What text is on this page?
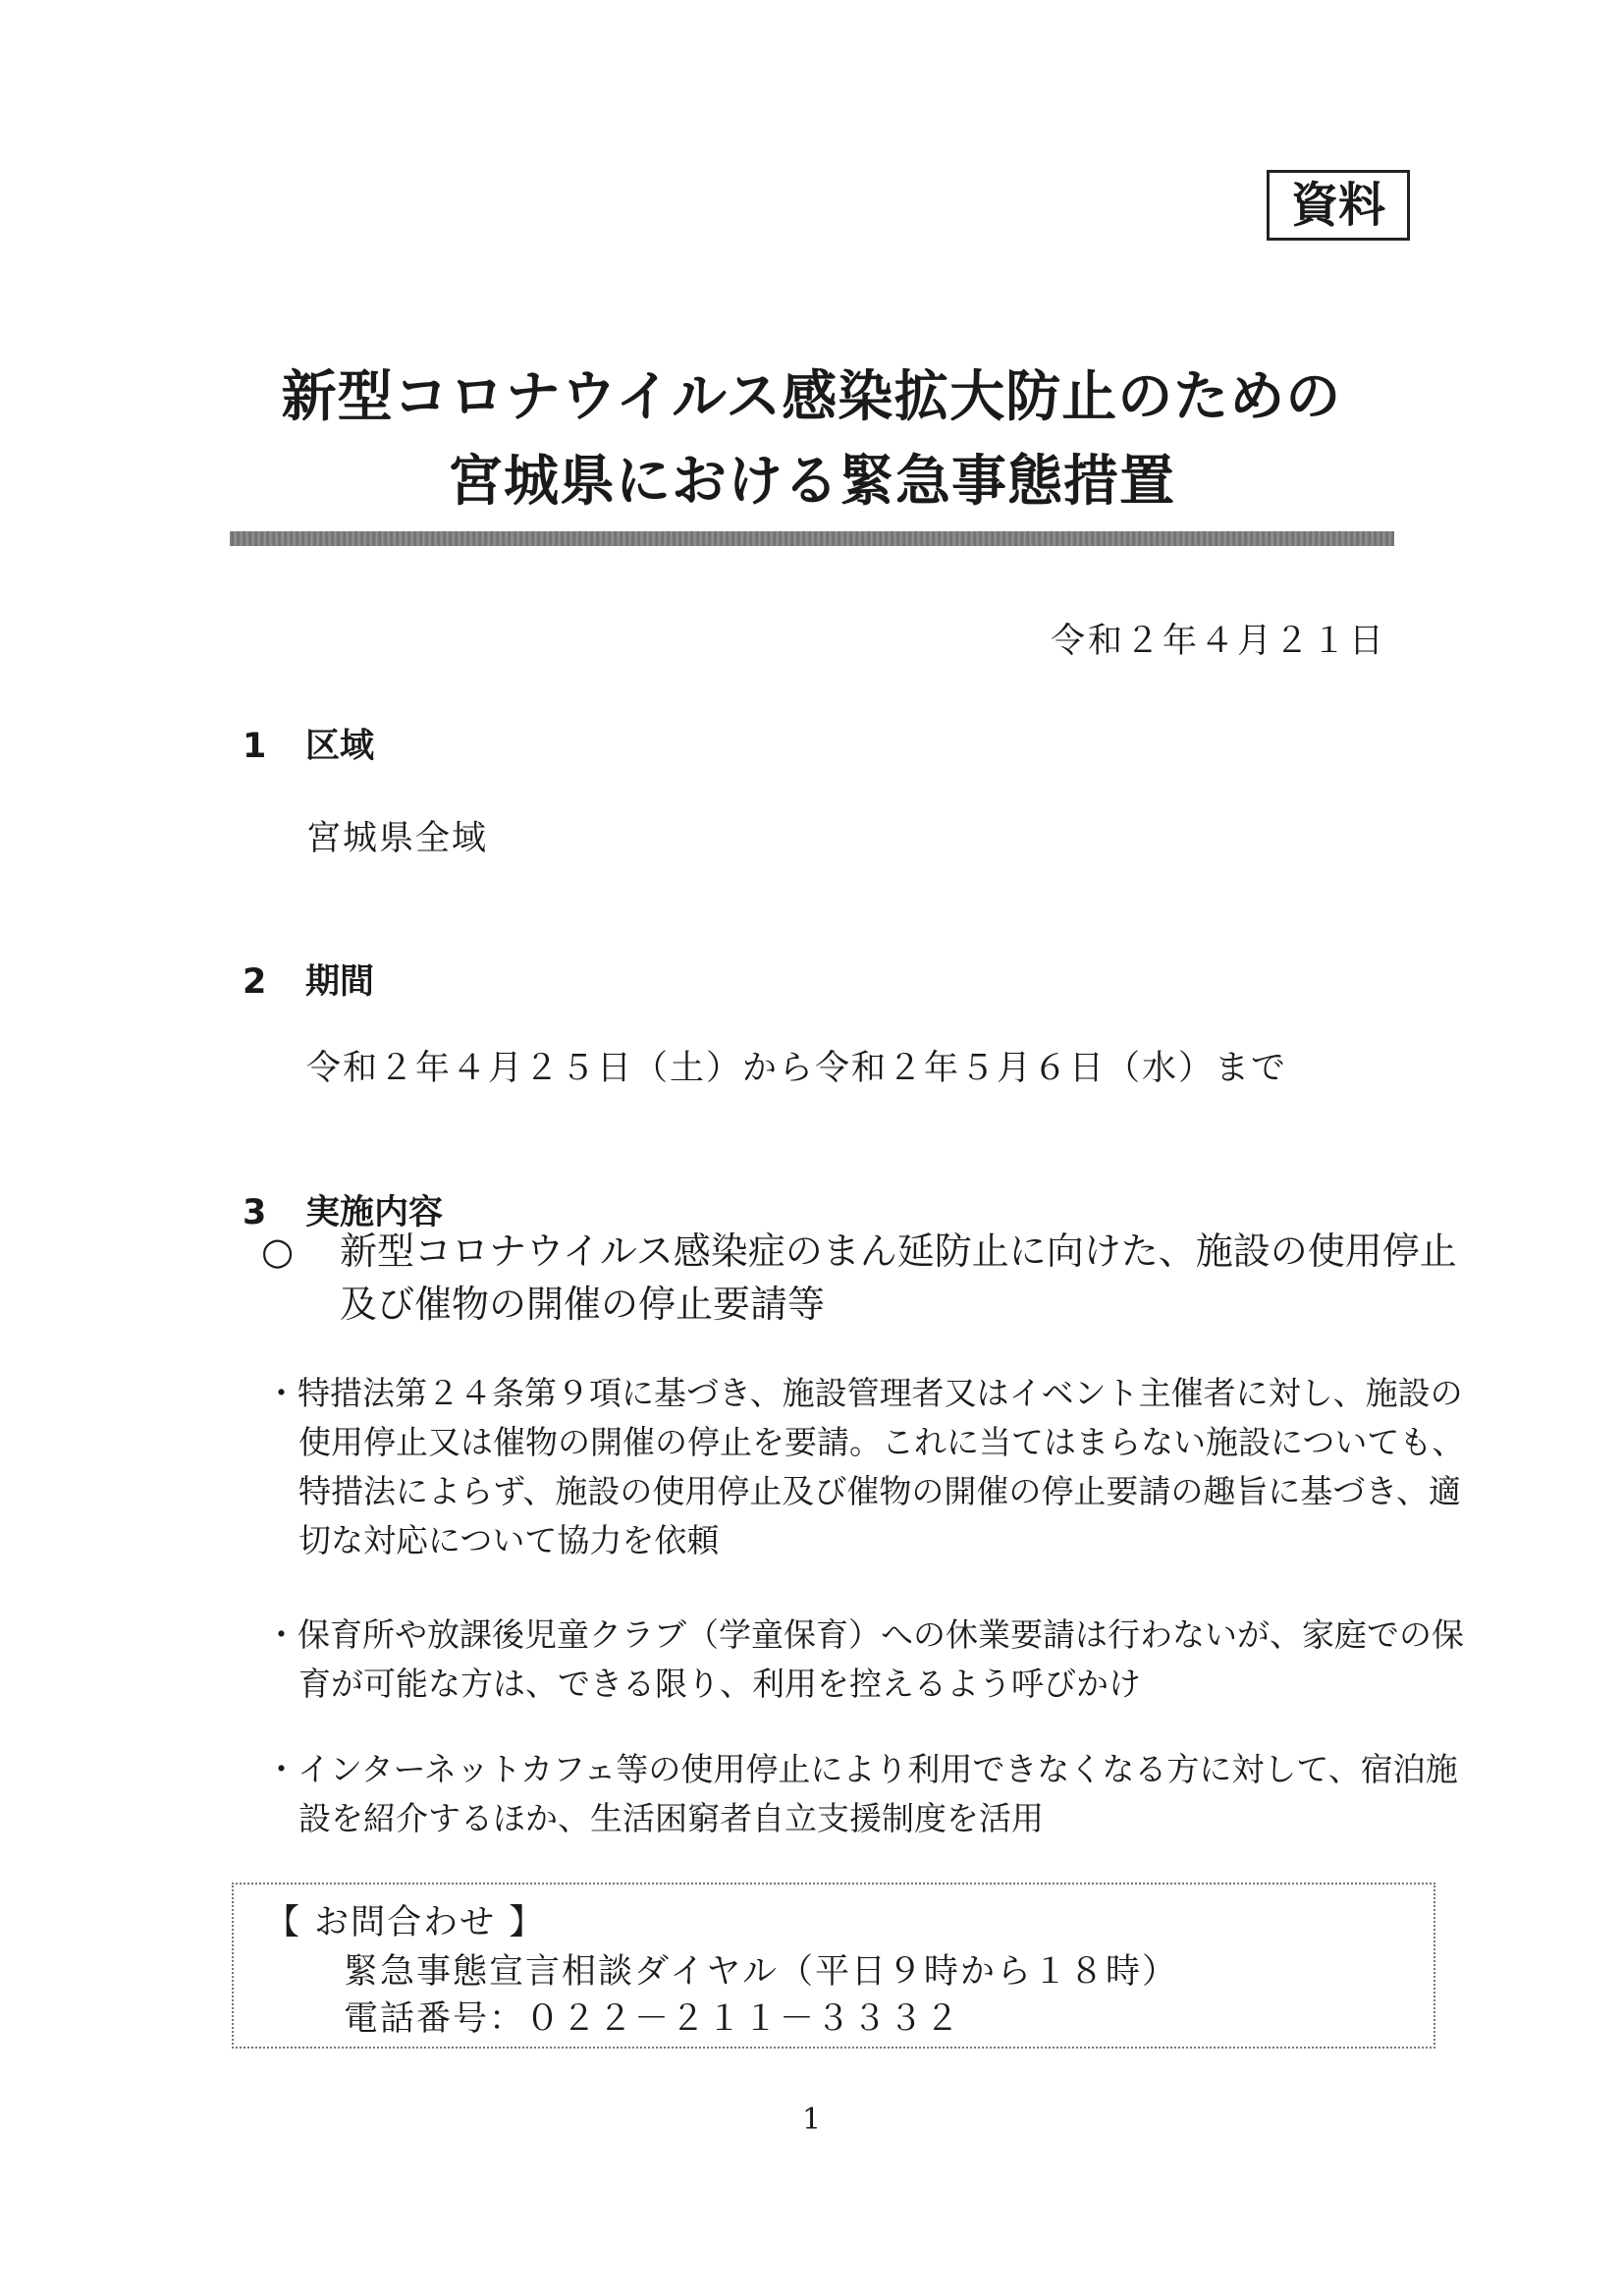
資料
新型コロナウイルス感染拡大防止のための
宮城県における緊急事態措置
令和２年４月２１日
1 区域
宮城県全域
2 期間
令和２年４月２５日（土）から令和２年５月６日（水）まで
3 実施内容
○ 新型コロナウイルス感染症のまん延防止に向けた、施設の使用停止
及び催物の開催の停止要請等
・特措法第２４条第９項に基づき、施設管理者又はイベント主催者に対し、施設の
使用停止又は催物の開催の停止を要請。これに当てはまらない施設についても、
特措法によらず、施設の使用停止及び催物の開催の停止要請の趣旨に基づき、適
切な対応について協力を依頼
・保育所や放課後児童クラブ（学童保育）への休業要請は行わないが、家庭での保
育が可能な方は、できる限り、利用を控えるよう呼びかけ
・インターネットカフェ等の使用停止により利用できなくなる方に対して、宿泊施
設を紹介するほか、生活困窮者自立支援制度を活用
【 お問合わせ 】
緊急事態宣言相談ダイヤル（平日９時から１８時）
電話番号：０２２－２１１－３３３２
1
